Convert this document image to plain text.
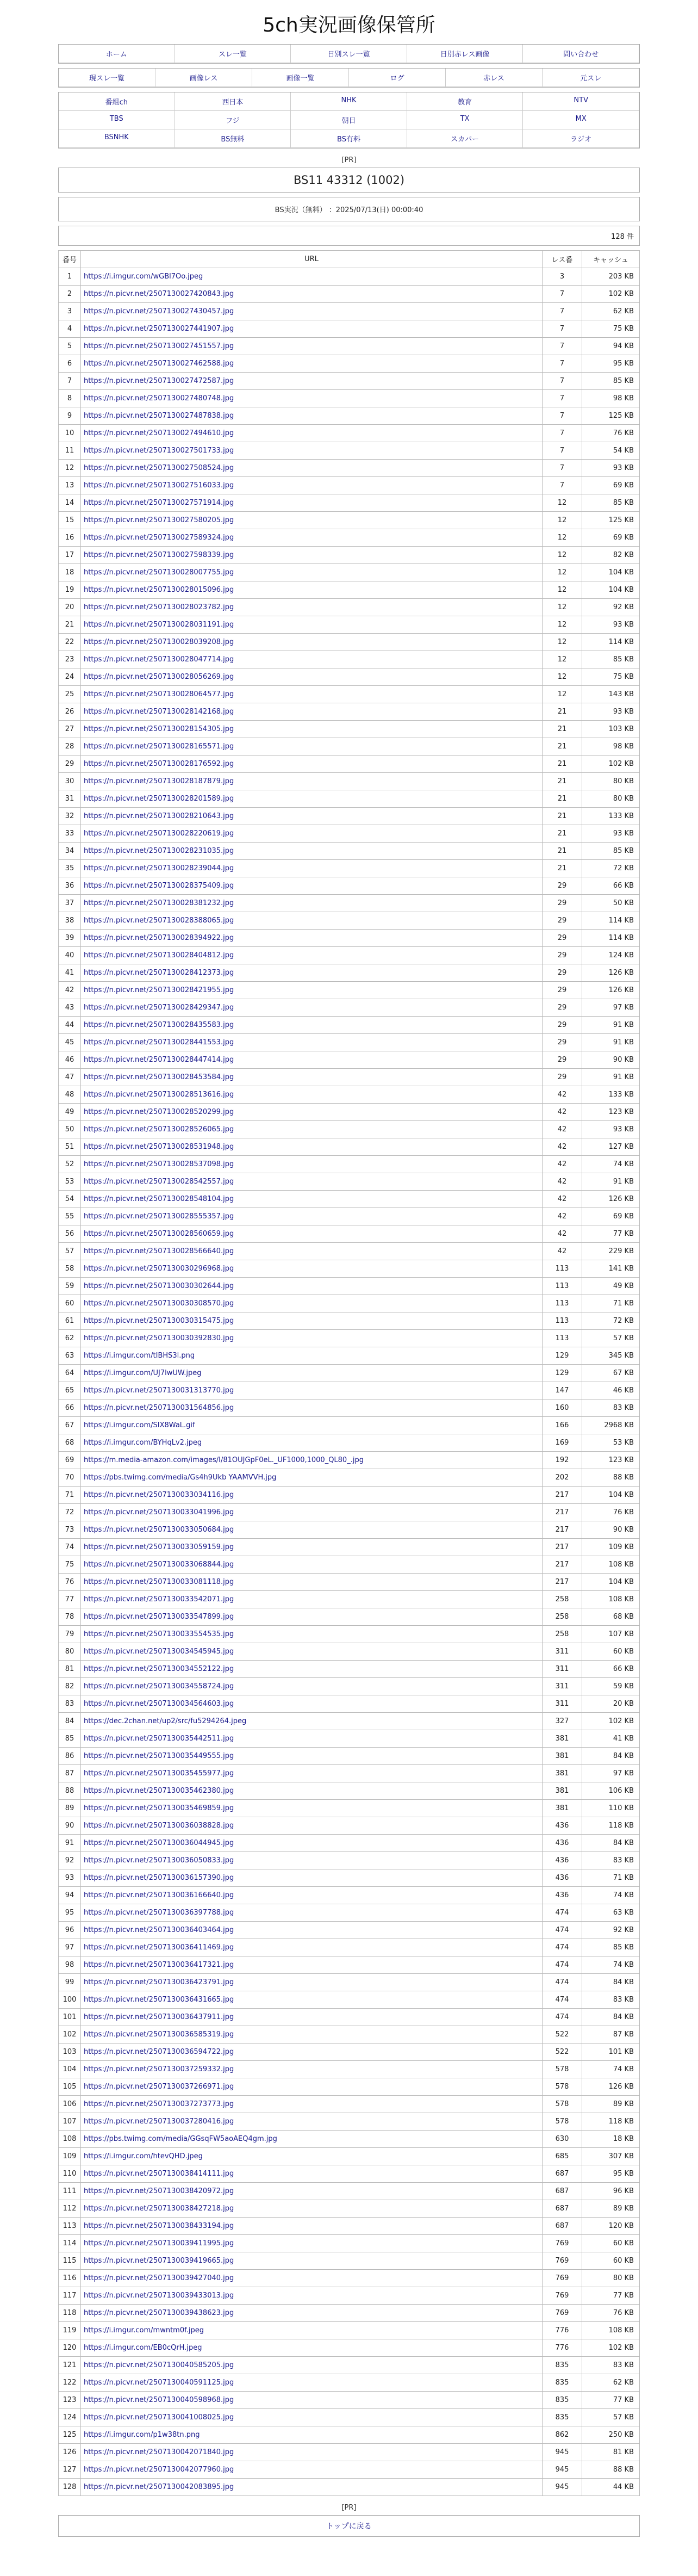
5ch実況画像保管所
ホーム	スレ一覧	日別スレ一覧	日別赤レス画像	問い合わせ
現スレ一覧	画像レス	画像一覧	ログ	赤レス	元スレ
番組ch	西日本	NHK	教育	NTV
TBS	フジ	朝日	TX	MX
BSNHK	BS無料	BS有料	スカパー	ラジオ
[PR]
BS11 43312 (1002)
BS実況（無料） ：2025/07/13(日) 00:00:40
128 件
番号	URL	レス番	キャッシュ
1	https://i.imgur.com/wGBl7Oo.jpeg	3	203 KB
2	https://n.picvr.net/2507130027420843.jpg	7	102 KB
3	https://n.picvr.net/2507130027430457.jpg	7	62 KB
4	https://n.picvr.net/2507130027441907.jpg	7	75 KB
5	https://n.picvr.net/2507130027451557.jpg	7	94 KB
6	https://n.picvr.net/2507130027462588.jpg	7	95 KB
7	https://n.picvr.net/2507130027472587.jpg	7	85 KB
8	https://n.picvr.net/2507130027480748.jpg	7	98 KB
9	https://n.picvr.net/2507130027487838.jpg	7	125 KB
10	https://n.picvr.net/2507130027494610.jpg	7	76 KB
11	https://n.picvr.net/2507130027501733.jpg	7	54 KB
12	https://n.picvr.net/2507130027508524.jpg	7	93 KB
13	https://n.picvr.net/2507130027516033.jpg	7	69 KB
14	https://n.picvr.net/2507130027571914.jpg	12	85 KB
15	https://n.picvr.net/2507130027580205.jpg	12	125 KB
16	https://n.picvr.net/2507130027589324.jpg	12	69 KB
17	https://n.picvr.net/2507130027598339.jpg	12	82 KB
18	https://n.picvr.net/2507130028007755.jpg	12	104 KB
19	https://n.picvr.net/2507130028015096.jpg	12	104 KB
20	https://n.picvr.net/2507130028023782.jpg	12	92 KB
21	https://n.picvr.net/2507130028031191.jpg	12	93 KB
22	https://n.picvr.net/2507130028039208.jpg	12	114 KB
23	https://n.picvr.net/2507130028047714.jpg	12	85 KB
24	https://n.picvr.net/2507130028056269.jpg	12	75 KB
25	https://n.picvr.net/2507130028064577.jpg	12	143 KB
26	https://n.picvr.net/2507130028142168.jpg	21	93 KB
27	https://n.picvr.net/2507130028154305.jpg	21	103 KB
28	https://n.picvr.net/2507130028165571.jpg	21	98 KB
29	https://n.picvr.net/2507130028176592.jpg	21	102 KB
30	https://n.picvr.net/2507130028187879.jpg	21	80 KB
31	https://n.picvr.net/2507130028201589.jpg	21	80 KB
32	https://n.picvr.net/2507130028210643.jpg	21	133 KB
33	https://n.picvr.net/2507130028220619.jpg	21	93 KB
34	https://n.picvr.net/2507130028231035.jpg	21	85 KB
35	https://n.picvr.net/2507130028239044.jpg	21	72 KB
36	https://n.picvr.net/2507130028375409.jpg	29	66 KB
37	https://n.picvr.net/2507130028381232.jpg	29	50 KB
38	https://n.picvr.net/2507130028388065.jpg	29	114 KB
39	https://n.picvr.net/2507130028394922.jpg	29	114 KB
40	https://n.picvr.net/2507130028404812.jpg	29	124 KB
41	https://n.picvr.net/2507130028412373.jpg	29	126 KB
42	https://n.picvr.net/2507130028421955.jpg	29	126 KB
43	https://n.picvr.net/2507130028429347.jpg	29	97 KB
44	https://n.picvr.net/2507130028435583.jpg	29	91 KB
45	https://n.picvr.net/2507130028441553.jpg	29	91 KB
46	https://n.picvr.net/2507130028447414.jpg	29	90 KB
47	https://n.picvr.net/2507130028453584.jpg	29	91 KB
48	https://n.picvr.net/2507130028513616.jpg	42	133 KB
49	https://n.picvr.net/2507130028520299.jpg	42	123 KB
50	https://n.picvr.net/2507130028526065.jpg	42	93 KB
51	https://n.picvr.net/2507130028531948.jpg	42	127 KB
52	https://n.picvr.net/2507130028537098.jpg	42	74 KB
53	https://n.picvr.net/2507130028542557.jpg	42	91 KB
54	https://n.picvr.net/2507130028548104.jpg	42	126 KB
55	https://n.picvr.net/2507130028555357.jpg	42	69 KB
56	https://n.picvr.net/2507130028560659.jpg	42	77 KB
57	https://n.picvr.net/2507130028566640.jpg	42	229 KB
58	https://n.picvr.net/2507130030296968.jpg	113	141 KB
59	https://n.picvr.net/2507130030302644.jpg	113	49 KB
60	https://n.picvr.net/2507130030308570.jpg	113	71 KB
61	https://n.picvr.net/2507130030315475.jpg	113	72 KB
62	https://n.picvr.net/2507130030392830.jpg	113	57 KB
63	https://i.imgur.com/tIBHS3l.png	129	345 KB
64	https://i.imgur.com/UJ7lwUW.jpeg	129	67 KB
65	https://n.picvr.net/2507130031313770.jpg	147	46 KB
66	https://n.picvr.net/2507130031564856.jpg	160	83 KB
67	https://i.imgur.com/SIX8WaL.gif	166	2968 KB
68	https://i.imgur.com/BYHqLv2.jpeg	169	53 KB
69	https://m.media-amazon.com/images/I/81OUJGpF0eL._UF1000,1000_QL80_.jpg	192	123 KB
70	https://pbs.twimg.com/media/Gs4h9Ukb YAAMVVH.jpg	202	88 KB
71	https://n.picvr.net/2507130033034116.jpg	217	104 KB
72	https://n.picvr.net/2507130033041996.jpg	217	76 KB
73	https://n.picvr.net/2507130033050684.jpg	217	90 KB
74	https://n.picvr.net/2507130033059159.jpg	217	109 KB
75	https://n.picvr.net/2507130033068844.jpg	217	108 KB
76	https://n.picvr.net/2507130033081118.jpg	217	104 KB
77	https://n.picvr.net/2507130033542071.jpg	258	108 KB
78	https://n.picvr.net/2507130033547899.jpg	258	68 KB
79	https://n.picvr.net/2507130033554535.jpg	258	107 KB
80	https://n.picvr.net/2507130034545945.jpg	311	60 KB
81	https://n.picvr.net/2507130034552122.jpg	311	66 KB
82	https://n.picvr.net/2507130034558724.jpg	311	59 KB
83	https://n.picvr.net/2507130034564603.jpg	311	20 KB
84	https://dec.2chan.net/up2/src/fu5294264.jpeg	327	102 KB
85	https://n.picvr.net/2507130035442511.jpg	381	41 KB
86	https://n.picvr.net/2507130035449555.jpg	381	84 KB
87	https://n.picvr.net/2507130035455977.jpg	381	97 KB
88	https://n.picvr.net/2507130035462380.jpg	381	106 KB
89	https://n.picvr.net/2507130035469859.jpg	381	110 KB
90	https://n.picvr.net/2507130036038828.jpg	436	118 KB
91	https://n.picvr.net/2507130036044945.jpg	436	84 KB
92	https://n.picvr.net/2507130036050833.jpg	436	83 KB
93	https://n.picvr.net/2507130036157390.jpg	436	71 KB
94	https://n.picvr.net/2507130036166640.jpg	436	74 KB
95	https://n.picvr.net/2507130036397788.jpg	474	63 KB
96	https://n.picvr.net/2507130036403464.jpg	474	92 KB
97	https://n.picvr.net/2507130036411469.jpg	474	85 KB
98	https://n.picvr.net/2507130036417321.jpg	474	74 KB
99	https://n.picvr.net/2507130036423791.jpg	474	84 KB
100	https://n.picvr.net/2507130036431665.jpg	474	83 KB
101	https://n.picvr.net/2507130036437911.jpg	474	84 KB
102	https://n.picvr.net/2507130036585319.jpg	522	87 KB
103	https://n.picvr.net/2507130036594722.jpg	522	101 KB
104	https://n.picvr.net/2507130037259332.jpg	578	74 KB
105	https://n.picvr.net/2507130037266971.jpg	578	126 KB
106	https://n.picvr.net/2507130037273773.jpg	578	89 KB
107	https://n.picvr.net/2507130037280416.jpg	578	118 KB
108	https://pbs.twimg.com/media/GGsqFW5aoAEQ4gm.jpg	630	18 KB
109	https://i.imgur.com/htevQHD.jpeg	685	307 KB
110	https://n.picvr.net/2507130038414111.jpg	687	95 KB
111	https://n.picvr.net/2507130038420972.jpg	687	96 KB
112	https://n.picvr.net/2507130038427218.jpg	687	89 KB
113	https://n.picvr.net/2507130038433194.jpg	687	120 KB
114	https://n.picvr.net/2507130039411995.jpg	769	60 KB
115	https://n.picvr.net/2507130039419665.jpg	769	60 KB
116	https://n.picvr.net/2507130039427040.jpg	769	80 KB
117	https://n.picvr.net/2507130039433013.jpg	769	77 KB
118	https://n.picvr.net/2507130039438623.jpg	769	76 KB
119	https://i.imgur.com/mwntm0f.jpeg	776	108 KB
120	https://i.imgur.com/EB0cQrH.jpeg	776	102 KB
121	https://n.picvr.net/2507130040585205.jpg	835	83 KB
122	https://n.picvr.net/2507130040591125.jpg	835	62 KB
123	https://n.picvr.net/2507130040598968.jpg	835	77 KB
124	https://n.picvr.net/2507130041008025.jpg	835	57 KB
125	https://i.imgur.com/p1w38tn.png	862	250 KB
126	https://n.picvr.net/2507130042071840.jpg	945	81 KB
127	https://n.picvr.net/2507130042077960.jpg	945	88 KB
128	https://n.picvr.net/2507130042083895.jpg	945	44 KB
[PR]
トップに戻る
